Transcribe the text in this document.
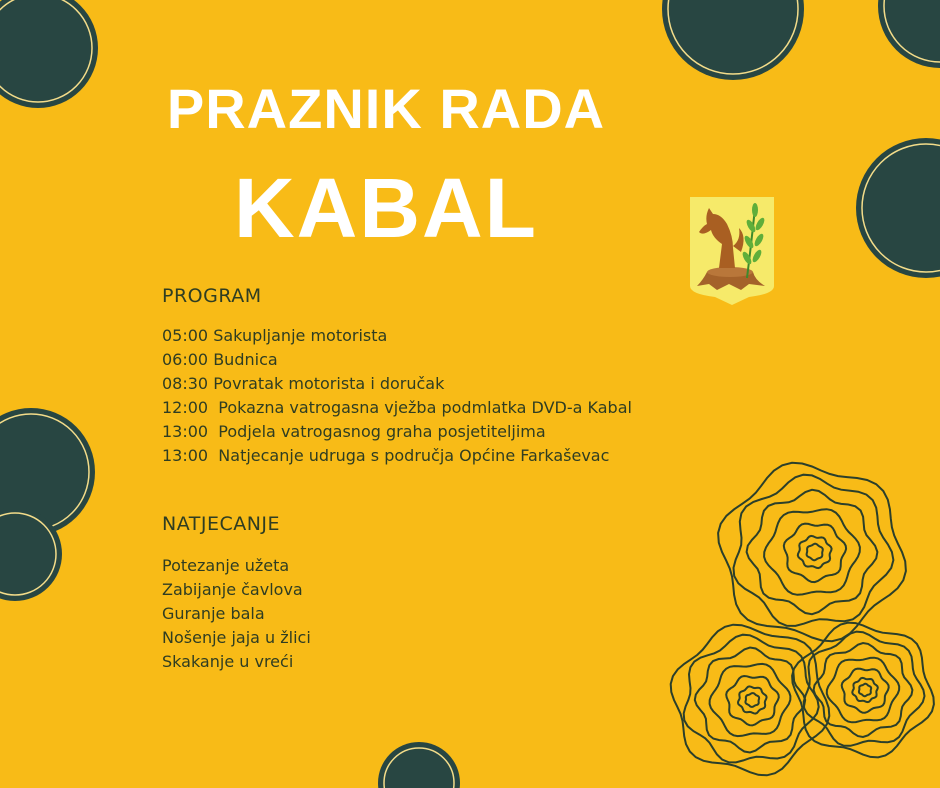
PRAZNIK RADA
KABAL
PROGRAM
05:00 Sakupljanje motorista
06:00 Budnica
08:30 Povratak motorista i doručak
12:00  Pokazna vatrogasna vježba podmlatka DVD-a Kabal
13:00  Podjela vatrogasnog graha posjetiteljima
13:00  Natjecanje udruga s područja Općine Farkaševac
NATJECANJE
Potezanje užeta
Zabijanje čavlova
Guranje bala
Nošenje jaja u žlici
Skakanje u vreći
